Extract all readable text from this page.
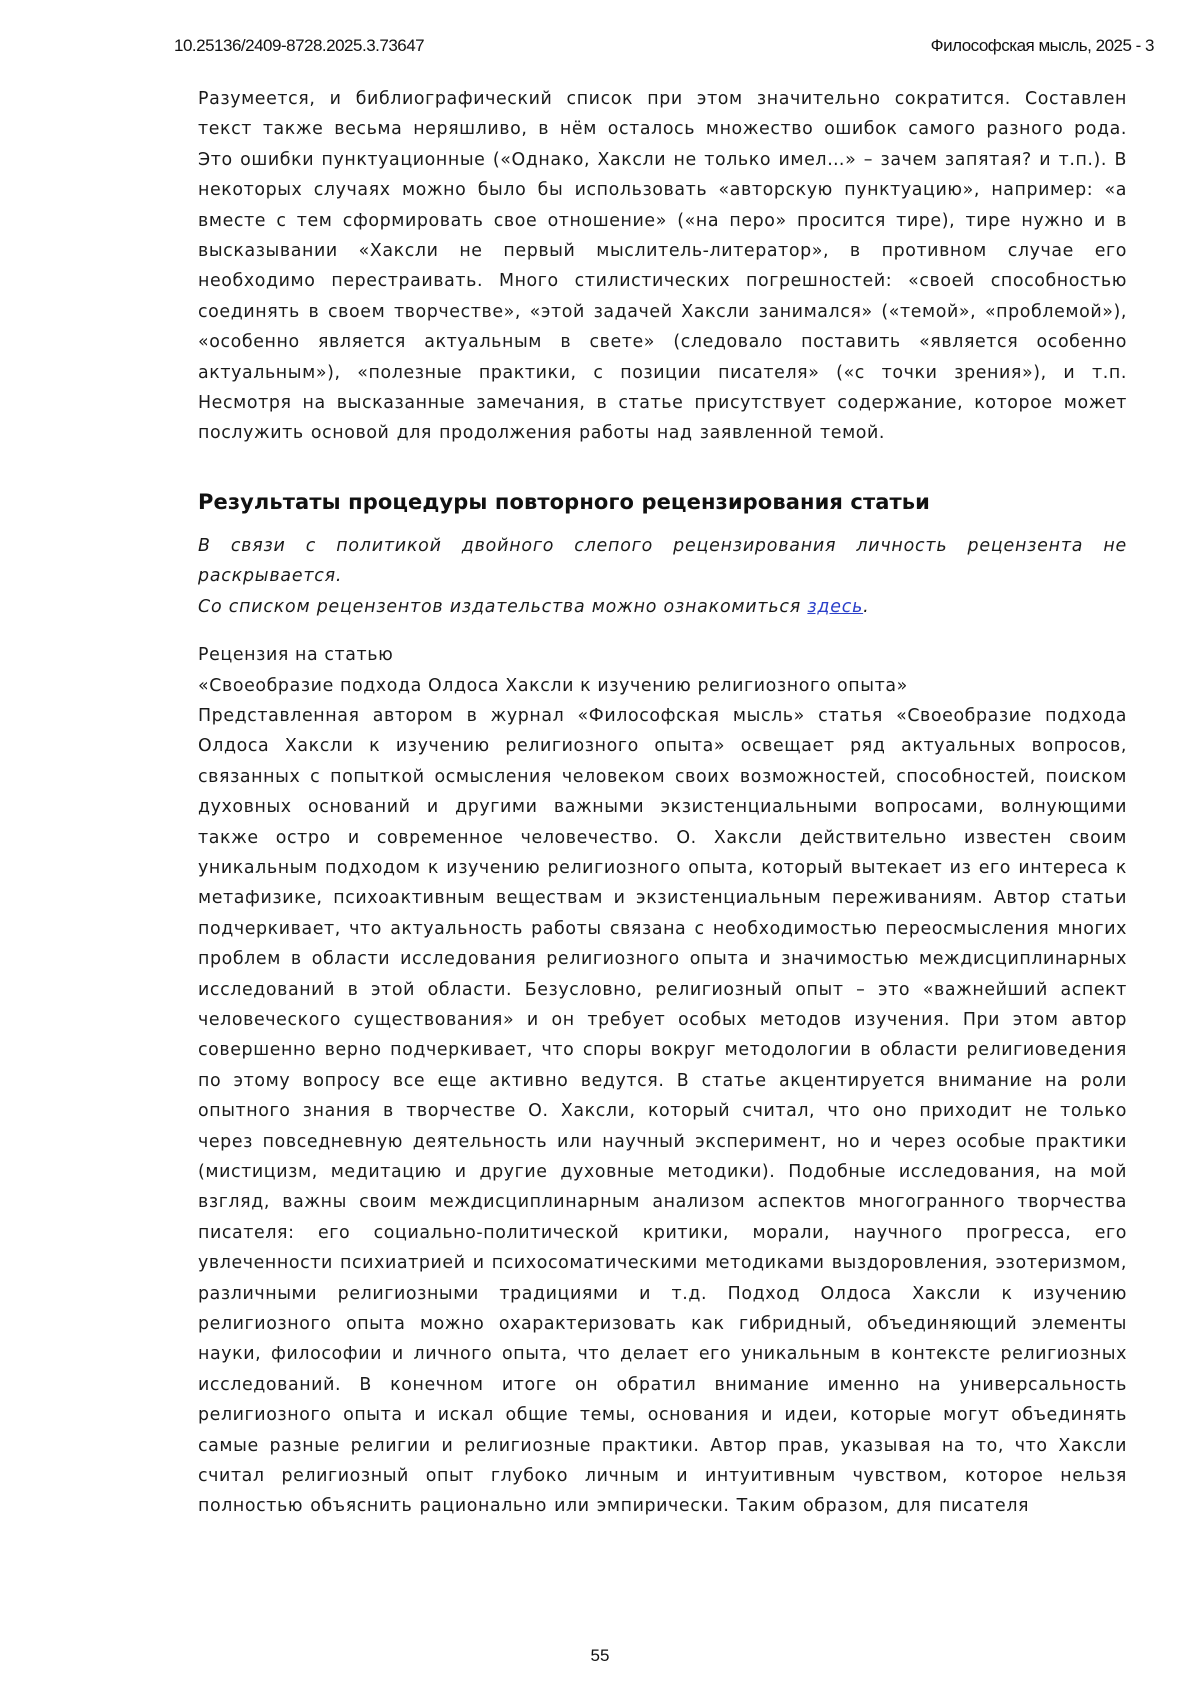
10.25136/2409-8728.2025.3.73647	Философская мысль, 2025 - 3

Разумеется, и библиографический список при этом значительно сократится. Составлен текст также весьма неряшливо, в нём осталось множество ошибок самого разного рода. Это ошибки пунктуационные («Однако, Хаксли не только имел…» – зачем запятая? и т.п.). В некоторых случаях можно было бы использовать «авторскую пунктуацию», например: «а вместе с тем сформировать свое отношение» («на перо» просится тире), тире нужно и в высказывании «Хаксли не первый мыслитель-литератор», в противном случае его необходимо перестраивать. Много стилистических погрешностей: «своей способностью соединять в своем творчестве», «этой задачей Хаксли занимался» («темой», «проблемой»), «особенно является актуальным в свете» (следовало поставить «является особенно актуальным»), «полезные практики, с позиции писателя» («с точки зрения»), и т.п. Несмотря на высказанные замечания, в статье присутствует содержание, которое может послужить основой для продолжения работы над заявленной темой.

Результаты процедуры повторного рецензирования статьи
В связи с политикой двойного слепого рецензирования личность рецензента не раскрывается.
Со списком рецензентов издательства можно ознакомиться здесь.
Рецензия на статью
«Своеобразие подхода Олдоса Хаксли к изучению религиозного опыта»

Представленная автором в журнал «Философская мысль» статья «Своеобразие подхода Олдоса Хаксли к изучению религиозного опыта» освещает ряд актуальных вопросов, связанных с попыткой осмысления человеком своих возможностей, способностей, поиском духовных оснований и другими важными экзистенциальными вопросами, волнующими также остро и современное человечество. О. Хаксли действительно известен своим уникальным подходом к изучению религиозного опыта, который вытекает из его интереса к метафизике, психоактивным веществам и экзистенциальным переживаниям. Автор статьи подчеркивает, что актуальность работы связана с необходимостью переосмысления многих проблем в области исследования религиозного опыта и значимостью междисциплинарных исследований в этой области. Безусловно, религиозный опыт – это «важнейший аспект человеческого существования» и он требует особых методов изучения. При этом автор совершенно верно подчеркивает, что споры вокруг методологии в области религиоведения по этому вопросу все еще активно ведутся. В статье акцентируется внимание на роли опытного знания в творчестве О. Хаксли, который считал, что оно приходит не только через повседневную деятельность или научный эксперимент, но и через особые практики (мистицизм, медитацию и другие духовные методики). Подобные исследования, на мой взгляд, важны своим междисциплинарным анализом аспектов многогранного творчества писателя: его социально-политической критики, морали, научного прогресса, его увлеченности психиатрией и психосоматическими методиками выздоровления, эзотеризмом, различными религиозными традициями и т.д. Подход Олдоса Хаксли к изучению религиозного опыта можно охарактеризовать как гибридный, объединяющий элементы науки, философии и личного опыта, что делает его уникальным в контексте религиозных исследований. В конечном итоге он обратил внимание именно на универсальность религиозного опыта и искал общие темы, основания и идеи, которые могут объединять самые разные религии и религиозные практики. Автор прав, указывая на то, что Хаксли считал религиозный опыт глубоко личным и интуитивным чувством, которое нельзя полностью объяснить рационально или эмпирически. Таким образом, для писателя

55
